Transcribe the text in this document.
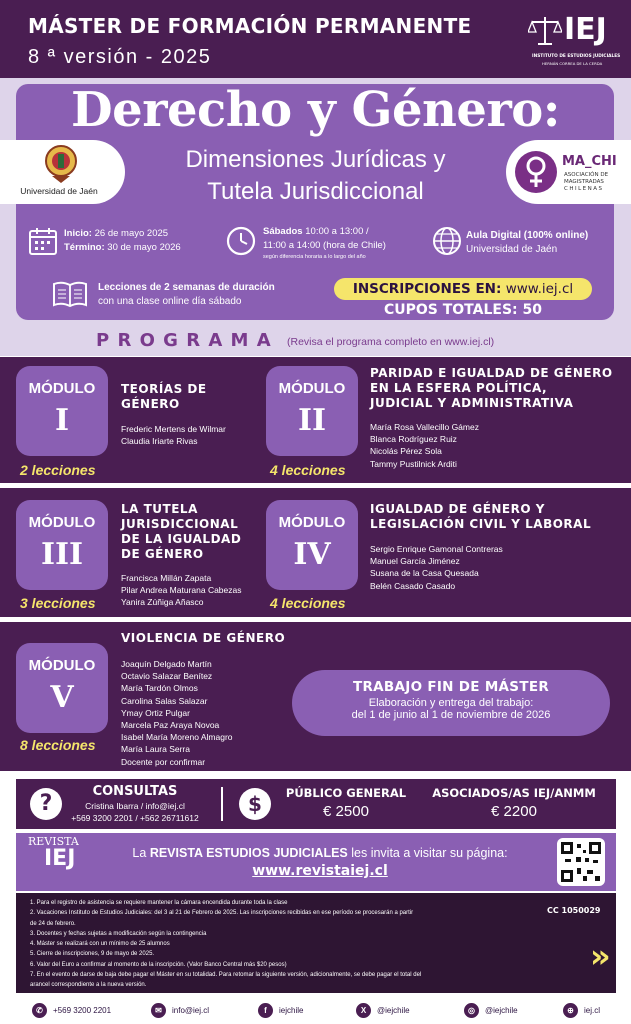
MÁSTER DE FORMACIÓN PERMANENTE
8 ª versión - 2025
IEJ
INSTITUTO DE ESTUDIOS JUDICIALES
HERNÁN CORREA DE LA CERDA
Derecho y Género:
Dimensiones Jurídicas y
Tutela Jurisdiccional
Universidad de Jaén
MA_CHI
ASOCIACIÓN DE
MAGISTRADAS
CHILENAS
Inicio: 26 de mayo 2025
Término: 30 de mayo 2026
Sábados 10:00 a 13:00 /
11:00 a 14:00 (hora de Chile)
según diferencia horaria a lo largo del año
Aula Digital (100% online)
Universidad de Jaén
Lecciones de 2 semanas de duración
con una clase online día sábado
INSCRIPCIONES EN: www.iej.cl
CUPOS TOTALES: 50
P R O G R A M A (Revisa el programa completo en www.iej.cl)
MÓDULO
I
2 lecciones
TEORÍAS DE
GÉNERO
Frederic Mertens de Wilmar
Claudia Iriarte Rivas
MÓDULO
II
4 lecciones
PARIDAD E IGUALDAD DE GÉNERO
EN LA ESFERA POLÍTICA,
JUDICIAL Y ADMINISTRATIVA
María Rosa Vallecillo Gámez
Blanca Rodríguez Ruiz
Nicolás Pérez Sola
Tammy Pustilnick Arditi
MÓDULO
III
3 lecciones
LA TUTELA
JURISDICCIONAL
DE LA IGUALDAD
DE GÉNERO
Francisca Millán Zapata
Pilar Andrea Maturana Cabezas
Yanira Zúñiga Añasco
MÓDULO
IV
4 lecciones
IGUALDAD DE GÉNERO Y
LEGISLACIÓN CIVIL Y LABORAL
Sergio Enrique Gamonal Contreras
Manuel García Jiménez
Susana de la Casa Quesada
Belén Casado Casado
MÓDULO
V
8 lecciones
VIOLENCIA DE GÉNERO
Joaquín Delgado Martín
Octavio Salazar Benítez
María Tardón Olmos
Carolina Salas Salazar
Ymay Ortiz Pulgar
Marcela Paz Araya Novoa
Isabel María Moreno Almagro
María Laura Serra
Docente por confirmar
TRABAJO FIN DE MÁSTER
Elaboración y entrega del trabajo:
del 1 de junio al 1 de noviembre de 2026
?	CONSULTAS
Cristina Ibarra / info@iej.cl
+569 3200 2201 / +562 26711612
$	PÚBLICO GENERAL
€ 2500
ASOCIADOS/AS IEJ/ANMM
€ 2200
REVISTA
IEJ	La REVISTA ESTUDIOS JUDICIALES les invita a visitar su página:
www.revistaiej.cl
1. Para el registro de asistencia se requiere mantener la cámara encendida durante toda la clase
2. Vacaciones Instituto de Estudios Judiciales: del 3 al 21 de Febrero de 2025. Las inscripciones recibidas en ese período se procesarán a partir
de 24 de febrero.
3. Docentes y fechas sujetas a modificación según la contingencia
4. Máster se realizará con un mínimo de 25 alumnos
5. Cierre de inscripciones, 9 de mayo de 2025.
6. Valor del Euro a confirmar al momento de la inscripción. (Valor Banco Central más $20 pesos)
7. En el evento de darse de baja debe pagar el Máster en su totalidad. Para retomar la siguiente versión, adicionalmente, se debe pagar el total del
arancel correspondiente a la nueva versión.
CC 1050029
»
✆	+569 3200 2201	✉	info@iej.cl	f	iejchile	X	@iejchile	◎	@iejchile	⊕	iej.cl
